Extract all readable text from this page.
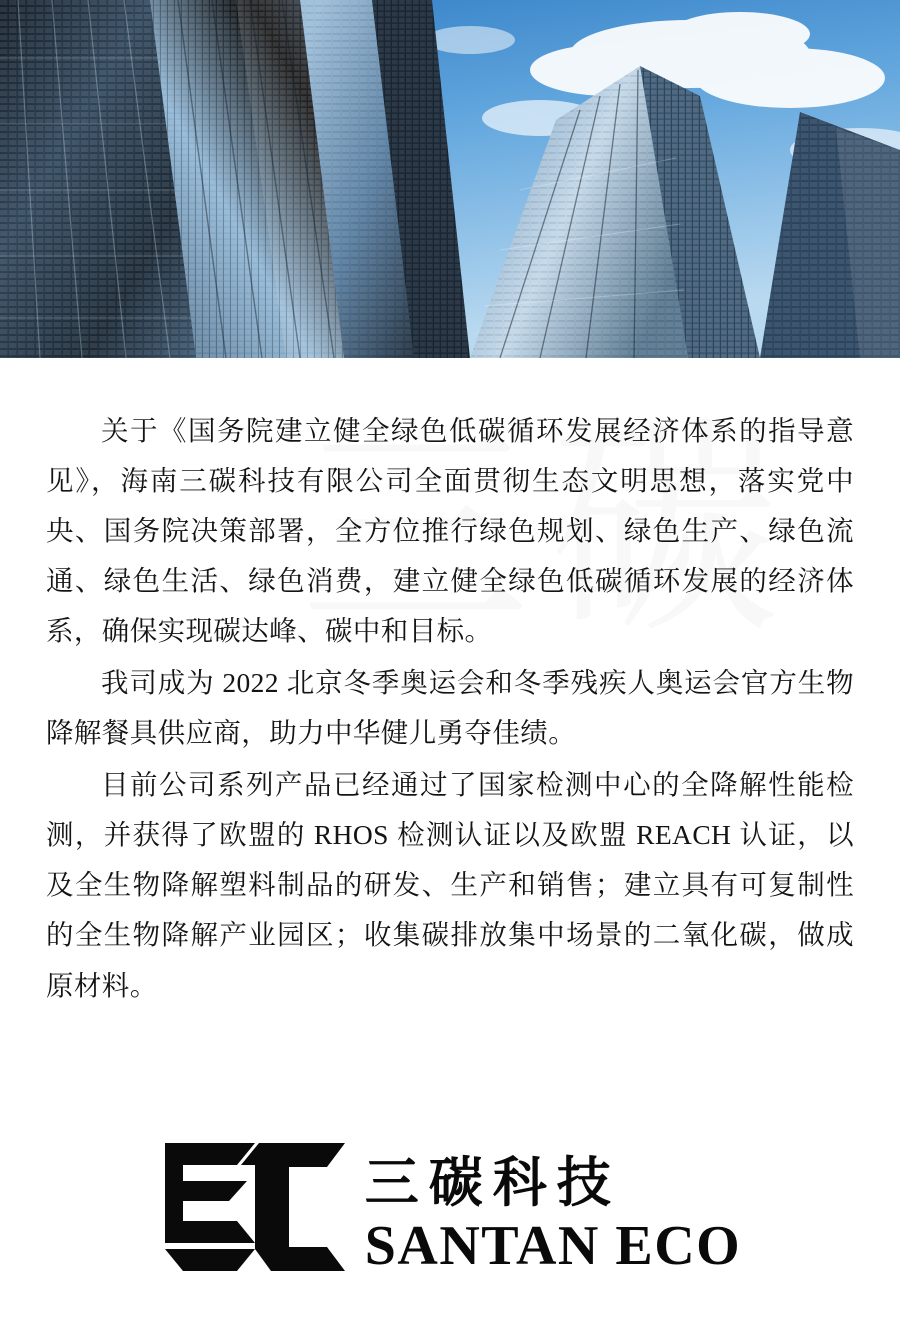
关于《国务院建立健全绿色低碳循环发展经济体系的指导意见》，海南三碳科技有限公司全面贯彻生态文明思想，落实党中央、国务院决策部署，全方位推行绿色规划、绿色生产、绿色流通、绿色生活、绿色消费，建立健全绿色低碳循环发展的经济体系，确保实现碳达峰、碳中和目标。

我司成为 2022 北京冬季奥运会和冬季残疾人奥运会官方生物降解餐具供应商，助力中华健儿勇夺佳绩。

目前公司系列产品已经通过了国家检测中心的全降解性能检测，并获得了欧盟的 RHOS 检测认证以及欧盟 REACH 认证，以及全生物降解塑料制品的研发、生产和销售；建立具有可复制性的全生物降解产业园区；收集碳排放集中场景的二氧化碳，做成原材料。

三碳科技
SANTAN ECO
